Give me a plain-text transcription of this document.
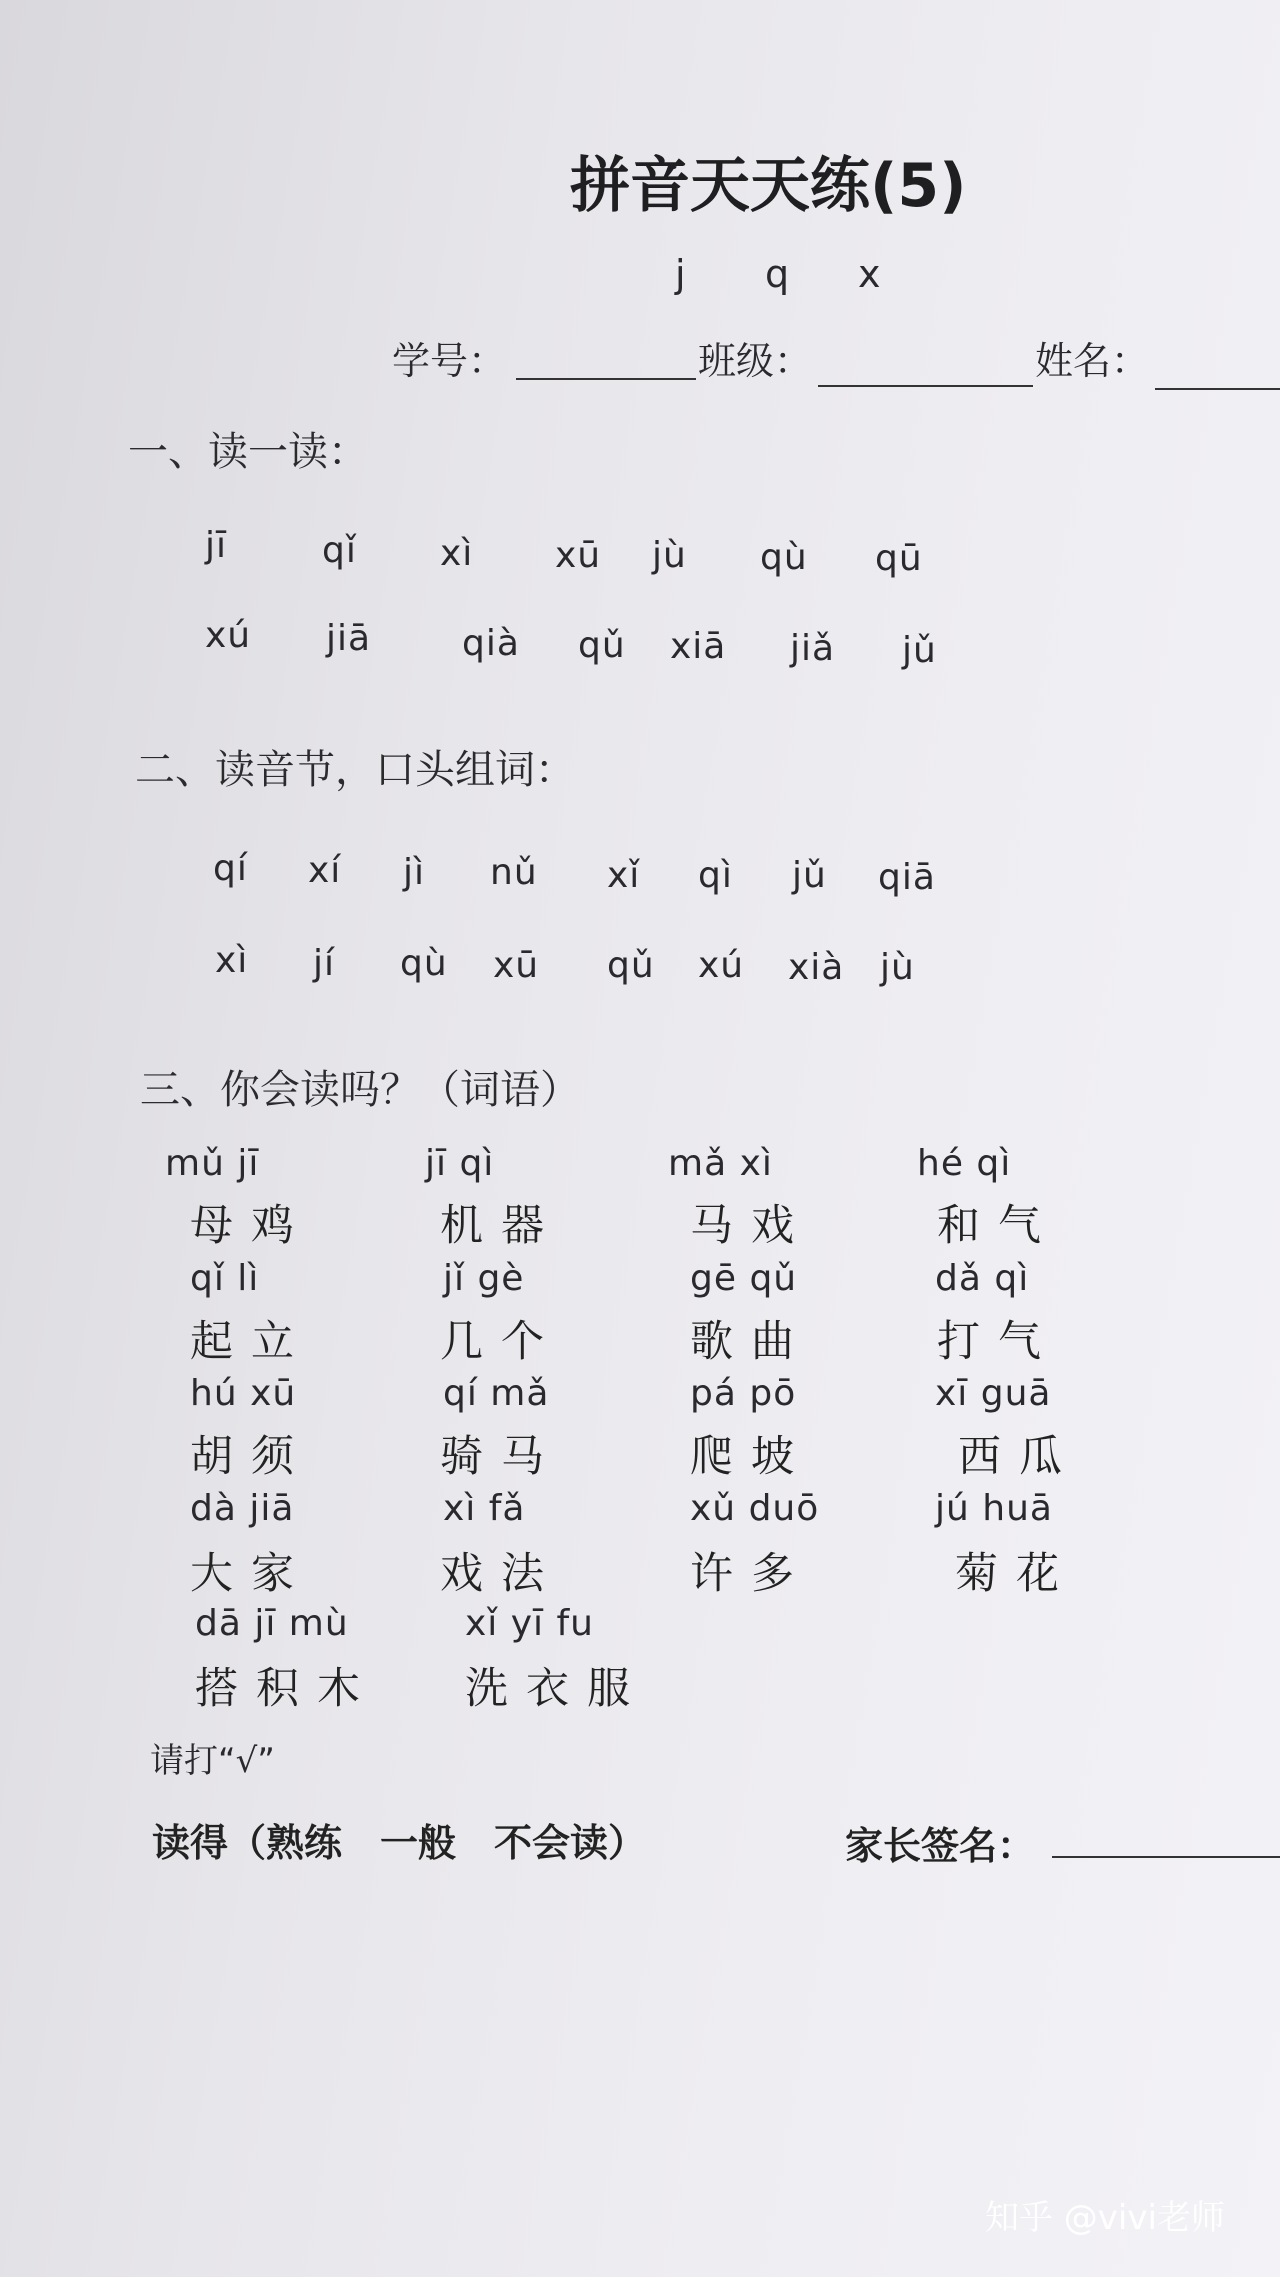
拼音天天练(5)
j q x
学号：	班级：	姓名：
一、读一读：
jī	qǐ xì xū jù qù qū
xú jiā	qià qǔ xiā jiǎ jǔ
二、读音节，口头组词：
qí xí jì nǔ xǐ qì jǔ qiā
xì jí qù xū qǔ xú xià jù
三、你会读吗？（词语）
mǔ jī	jī qì	mǎ xì	hé qì
母鸡	机器	马戏	和气
qǐ lì	jǐ gè	gē qǔ	dǎ qì
起立	几个	歌曲	打气
hú xū	qí mǎ	pá pō	xī guā
胡须	骑马	爬坡	西瓜
dà jiā	xì fǎ	xǔ duō	jú huā
大家	戏法	许多	菊花
dā jī mù	xǐ yī fu
搭积木 洗衣服
请打“√”
读得（熟练　一般　不会读）	家长签名：
知乎 @vivi老师
